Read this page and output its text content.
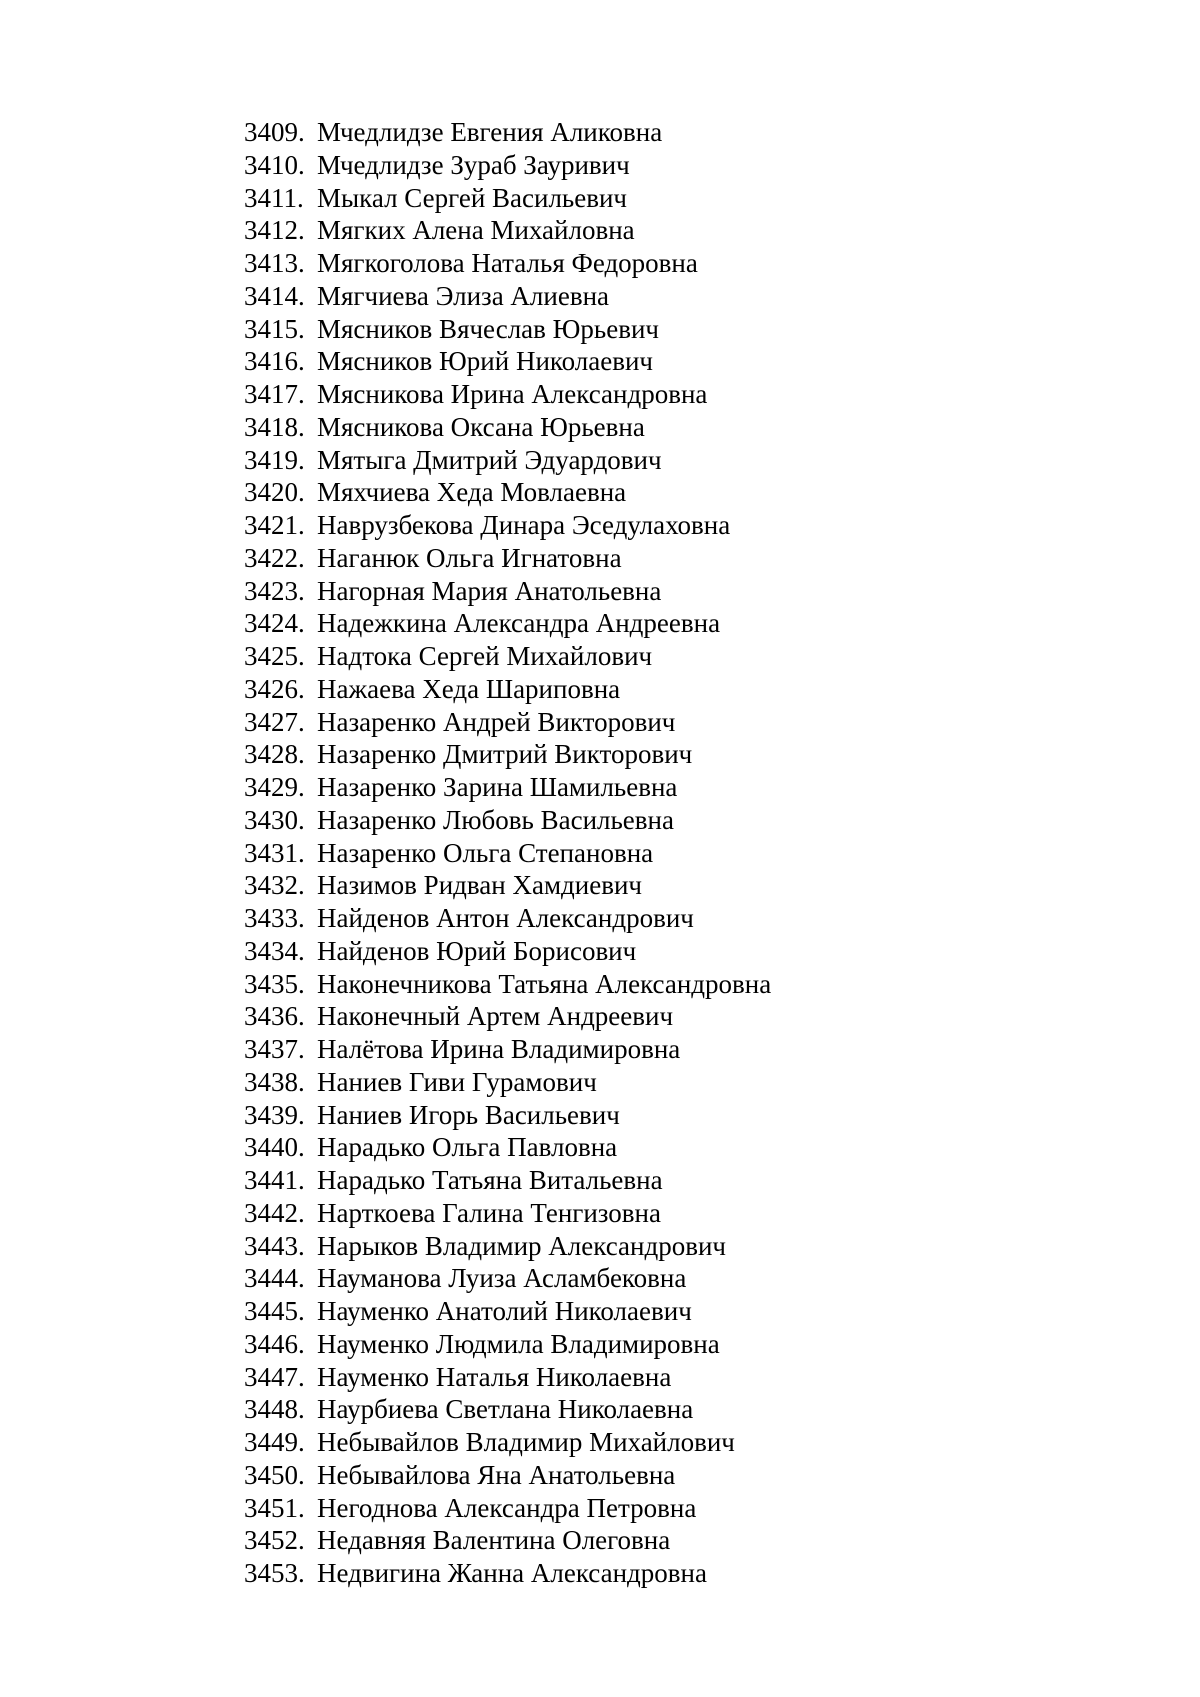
3409. Мчедлидзе Евгения Аликовна
3410. Мчедлидзе Зураб Зауривич
3411. Мыкал Сергей Васильевич
3412. Мягких Алена Михайловна
3413. Мягкоголова Наталья Федоровна
3414. Мягчиева Элиза Алиевна
3415. Мясников Вячеслав Юрьевич
3416. Мясников Юрий Николаевич
3417. Мясникова Ирина Александровна
3418. Мясникова Оксана Юрьевна
3419. Мятыга Дмитрий Эдуардович
3420. Мяхчиева Хеда Мовлаевна
3421. Наврузбекова Динара Эседулаховна
3422. Наганюк Ольга Игнатовна
3423. Нагорная Мария Анатольевна
3424. Надежкина Александра Андреевна
3425. Надтока Сергей Михайлович
3426. Нажаева Хеда Шариповна
3427. Назаренко Андрей Викторович
3428. Назаренко Дмитрий Викторович
3429. Назаренко Зарина Шамильевна
3430. Назаренко Любовь Васильевна
3431. Назаренко Ольга Степановна
3432. Назимов Ридван Хамдиевич
3433. Найденов Антон Александрович
3434. Найденов Юрий Борисович
3435. Наконечникова Татьяна Александровна
3436. Наконечный Артем Андреевич
3437. Налётова Ирина Владимировна
3438. Наниев Гиви Гурамович
3439. Наниев Игорь Васильевич
3440. Нарадько Ольга Павловна
3441. Нарадько Татьяна Витальевна
3442. Нарткоева Галина Тенгизовна
3443. Нарыков Владимир Александрович
3444. Науманова Луиза Асламбековна
3445. Науменко Анатолий Николаевич
3446. Науменко Людмила Владимировна
3447. Науменко Наталья Николаевна
3448. Наурбиева Светлана Николаевна
3449. Небывайлов Владимир Михайлович
3450. Небывайлова Яна Анатольевна
3451. Негоднова Александра Петровна
3452. Недавняя Валентина Олеговна
3453. Недвигина Жанна Александровна
